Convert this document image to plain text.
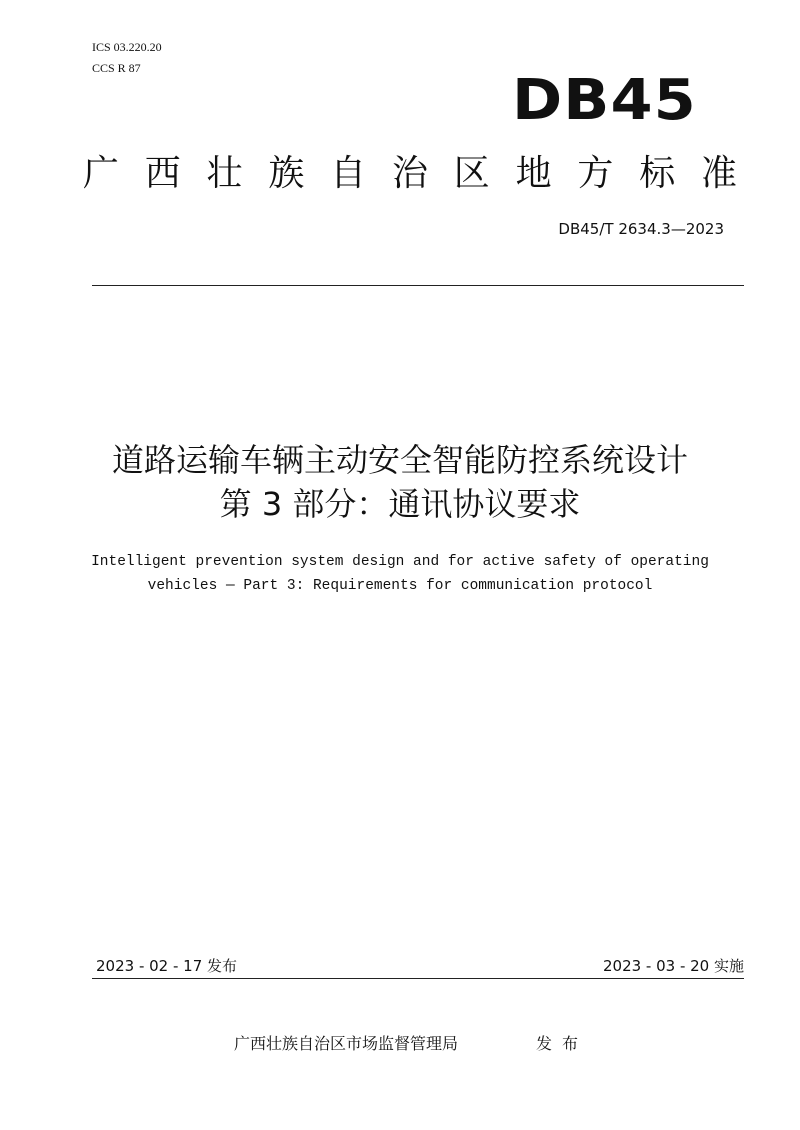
ICS 03.220.20
CCS R 87	DB45
广 西 壮 族 自 治 区 地 方 标 准
DB45/T 2634.3—2023
道路运输车辆主动安全智能防控系统设计
第 3 部分：通讯协议要求
Intelligent prevention system design and for active safety of operating
vehicles — Part 3: Requirements for communication protocol
2023 - 02 - 17 发布	2023 - 03 - 20 实施
广西壮族自治区市场监督管理局	发布
